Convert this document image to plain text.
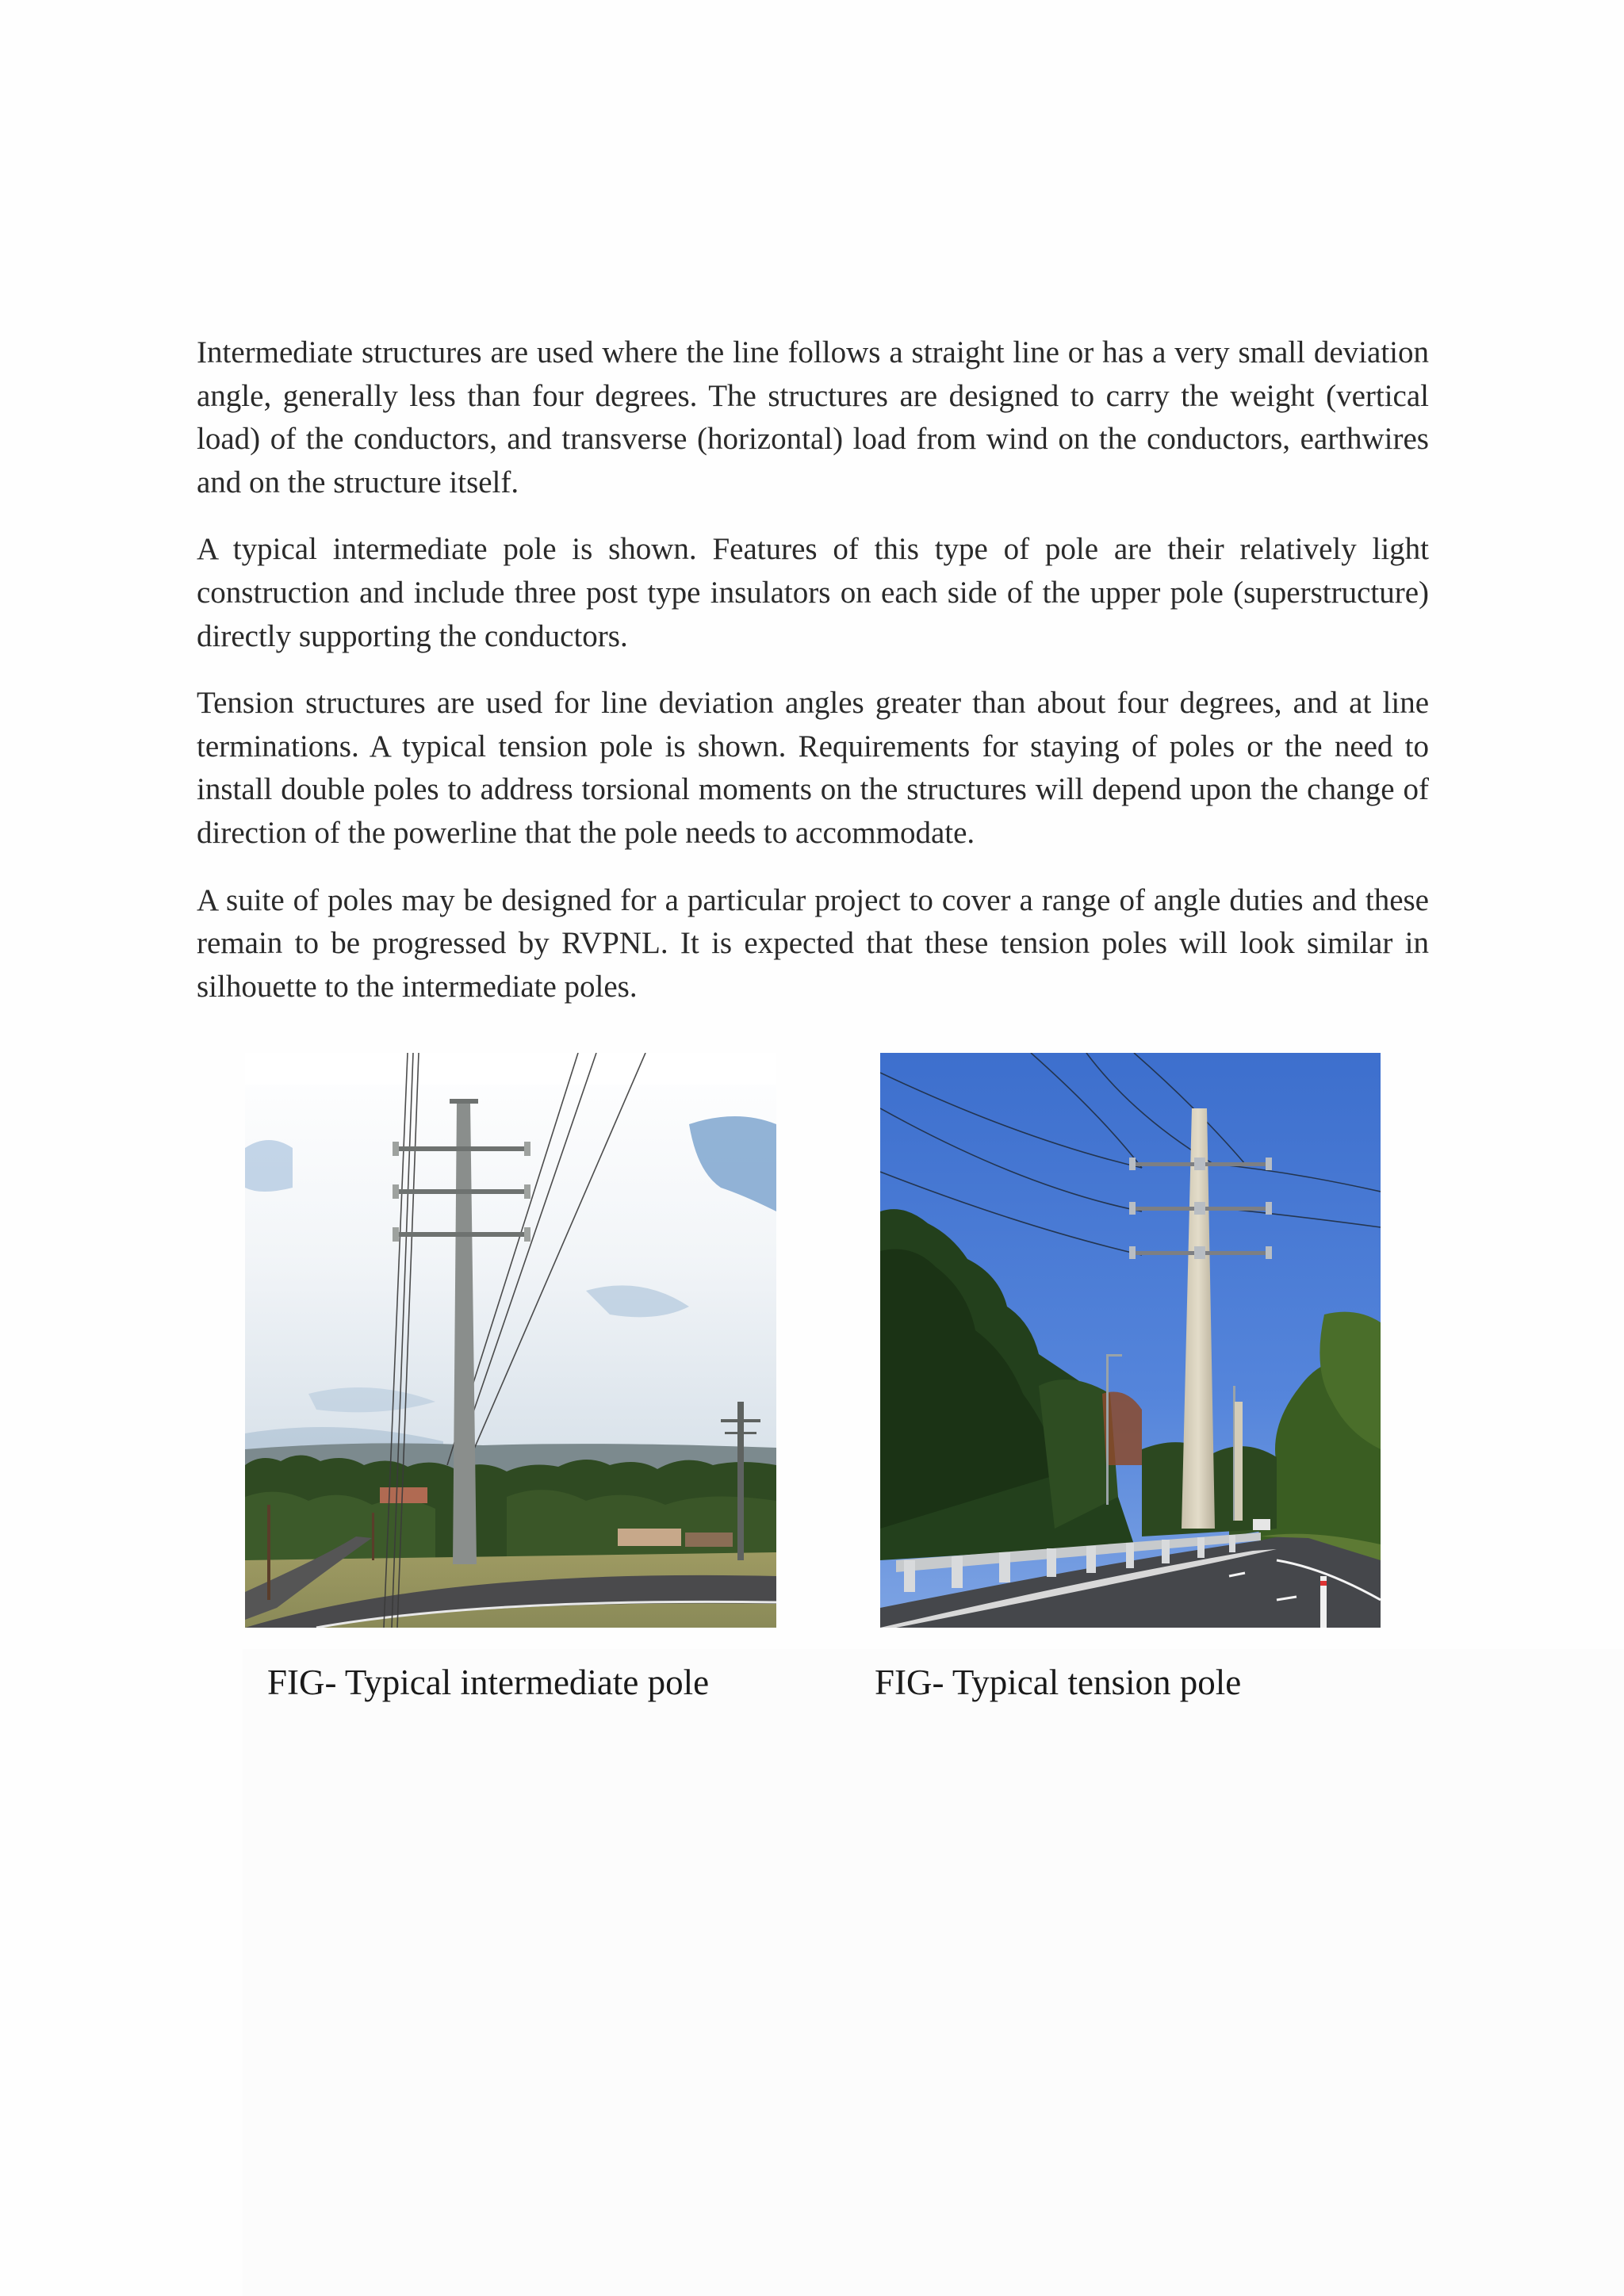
Intermediate structures are used where the line follows a straight line or has a very small deviation angle, generally less than four degrees. The structures are designed to carry the weight (vertical load) of the conductors, and transverse (horizontal) load from wind on the conductors, earthwires and on the structure itself.

A typical intermediate pole is shown. Features of this type of pole are their relatively light construction and include three post type insulators on each side of the upper pole (superstructure) directly supporting the conductors.

Tension structures are used for line deviation angles greater than about four degrees, and at line terminations. A typical tension pole is shown. Requirements for staying of poles or the need to install double poles to address torsional moments on the structures will depend upon the change of direction of the powerline that the pole needs to accommodate.

A suite of poles may be designed for a particular project to cover a range of angle duties and these remain to be progressed by RVPNL. It is expected that these tension poles will look similar in silhouette to the intermediate poles.

FIG- Typical intermediate pole	FIG- Typical tension pole
